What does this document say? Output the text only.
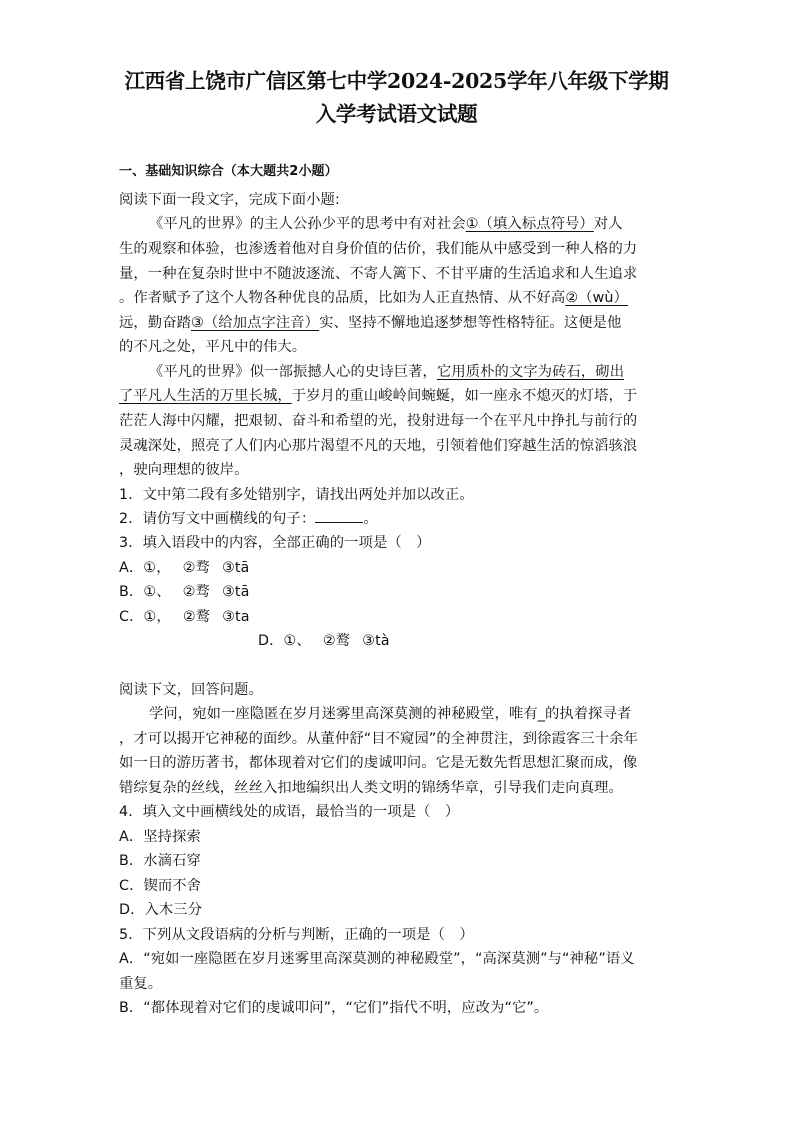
江西省上饶市广信区第七中学2024-2025学年八年级下学期
入学考试语文试题
一、基础知识综合（本大题共2小题）
阅读下面一段文字，完成下面小题:
《平凡的世界》的主人公孙少平的思考中有对社会①（填入标点符号）对人
生的观察和体验，也渗透着他对自身价值的估价，我们能从中感受到一种人格的力
量，一种在复杂时世中不随波逐流、不寄人篱下、不甘平庸的生活追求和人生追求
。作者赋予了这个人物各种优良的品质，比如为人正直热情、从不好高②（wù）
远，勤奋踏③（给加点字注音）实、坚持不懈地追逐梦想等性格特征。这便是他
的不凡之处，平凡中的伟大。
《平凡的世界》似一部振撼人心的史诗巨著，它用质朴的文字为砖石，砌出
了平凡人生活的万里长城，于岁月的重山峻岭间蜿蜒，如一座永不熄灭的灯塔，于
茫茫人海中闪耀，把艰韧、奋斗和希望的光，投射进每一个在平凡中挣扎与前行的
灵魂深处，照亮了人们内心那片渴望不凡的天地，引领着他们穿越生活的惊滔骇浪
，驶向理想的彼岸。
1．文中第二段有多处错别字，请找出两处并加以改正。
2．请仿写文中画横线的句子：	。
3．填入语段中的内容，全部正确的一项是（　）
A．①， ②骛 ③tā
B．①、 ②骛 ③tā
C．①， ②鹜 ③ta
D．①、 ②鹜 ③tà
阅读下文，回答问题。
学问，宛如一座隐匿在岁月迷雾里高深莫测的神秘殿堂，唯有_的执着探寻者
，才可以揭开它神秘的面纱。从董仲舒“目不窥园”的全神贯注，到徐霞客三十余年
如一日的游历著书，都体现着对它们的虔诚叩问。它是无数先哲思想汇聚而成，像
错综复杂的丝线，丝丝入扣地编织出人类文明的锦绣华章，引导我们走向真理。
4．填入文中画横线处的成语，最恰当的一项是（　）
A．坚持探索
B．水滴石穿
C．锲而不舍
D．入木三分
5．下列从文段语病的分析与判断，正确的一项是（　）
A．“宛如一座隐匿在岁月迷雾里高深莫测的神秘殿堂”，“高深莫测”与“神秘”语义
重复。
B．“都体现着对它们的虔诚叩问”，“它们”指代不明，应改为“它”。
